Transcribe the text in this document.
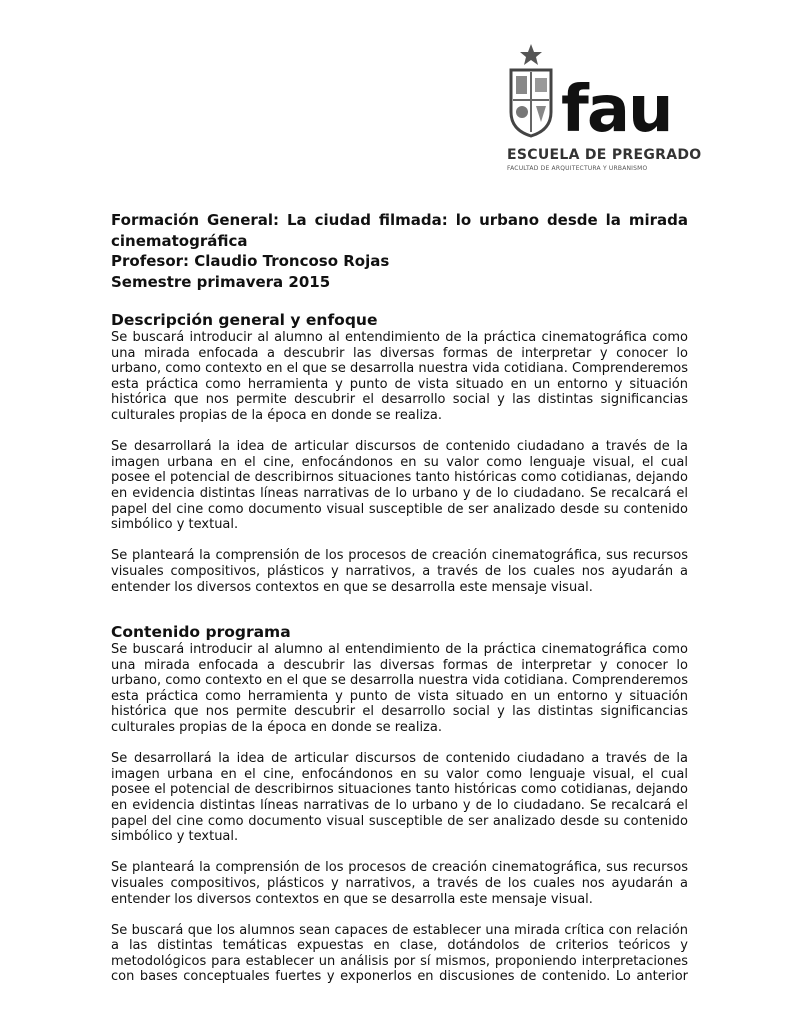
fau
ESCUELA DE PREGRADO
FACULTAD DE ARQUITECTURA Y URBANISMO
Formación General: La ciudad filmada: lo urbano desde la mirada
cinematográfica
Profesor: Claudio Troncoso Rojas
Semestre primavera 2015
Descripción general y enfoque

Se buscará introducir al alumno al entendimiento de la práctica cinematográfica como una mirada enfocada a descubrir las diversas formas de interpretar y conocer lo urbano, como contexto en el que se desarrolla nuestra vida cotidiana. Comprenderemos esta práctica como herramienta y punto de vista situado en un entorno y situación histórica que nos permite descubrir el desarrollo social y las distintas significancias culturales propias de la época en donde se realiza.

Se desarrollará la idea de articular discursos de contenido ciudadano a través de la imagen urbana en el cine, enfocándonos en su valor como lenguaje visual, el cual posee el potencial de describirnos situaciones tanto históricas como cotidianas, dejando en evidencia distintas líneas narrativas de lo urbano y de lo ciudadano. Se recalcará el papel del cine como documento visual susceptible de ser analizado desde su contenido simbólico y textual.

Se planteará la comprensión de los procesos de creación cinematográfica, sus recursos visuales compositivos, plásticos y narrativos, a través de los cuales nos ayudarán a entender los diversos contextos en que se desarrolla este mensaje visual.

Contenido programa

Se buscará introducir al alumno al entendimiento de la práctica cinematográfica como una mirada enfocada a descubrir las diversas formas de interpretar y conocer lo urbano, como contexto en el que se desarrolla nuestra vida cotidiana. Comprenderemos esta práctica como herramienta y punto de vista situado en un entorno y situación histórica que nos permite descubrir el desarrollo social y las distintas significancias culturales propias de la época en donde se realiza.

Se desarrollará la idea de articular discursos de contenido ciudadano a través de la imagen urbana en el cine, enfocándonos en su valor como lenguaje visual, el cual posee el potencial de describirnos situaciones tanto históricas como cotidianas, dejando en evidencia distintas líneas narrativas de lo urbano y de lo ciudadano. Se recalcará el papel del cine como documento visual susceptible de ser analizado desde su contenido simbólico y textual.

Se planteará la comprensión de los procesos de creación cinematográfica, sus recursos visuales compositivos, plásticos y narrativos, a través de los cuales nos ayudarán a entender los diversos contextos en que se desarrolla este mensaje visual.

Se buscará que los alumnos sean capaces de establecer una mirada crítica con relación a las distintas temáticas expuestas en clase, dotándolos de criterios teóricos y metodológicos para establecer un análisis por sí mismos, proponiendo interpretaciones con bases conceptuales fuertes y exponerlos en discusiones de contenido. Lo anterior
